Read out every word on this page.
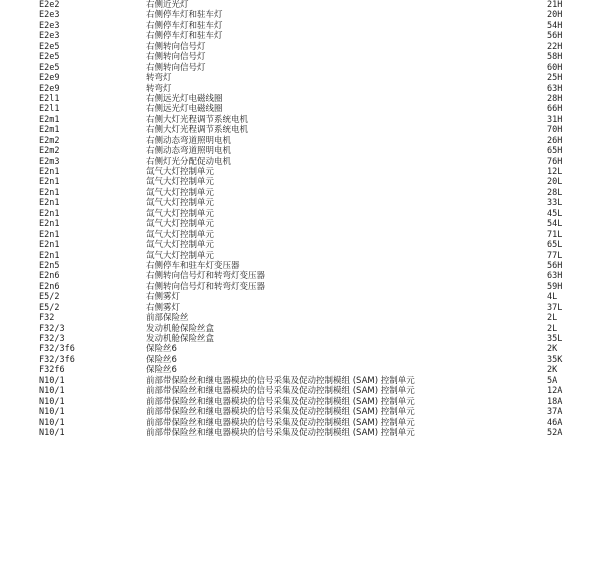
E2e2	右侧近光灯	21H
E2e3	右侧停车灯和驻车灯	20H
E2e3	右侧停车灯和驻车灯	54H
E2e3	右侧停车灯和驻车灯	56H
E2e5	右侧转向信号灯	22H
E2e5	右侧转向信号灯	58H
E2e5	右侧转向信号灯	60H
E2e9	转弯灯	25H
E2e9	转弯灯	63H
E2l1	右侧远光灯电磁线圈	28H
E2l1	右侧远光灯电磁线圈	66H
E2m1	右侧大灯光程调节系统电机	31H
E2m1	右侧大灯光程调节系统电机	70H
E2m2	右侧动态弯道照明电机	26H
E2m2	右侧动态弯道照明电机	65H
E2m3	右侧灯光分配促动电机	76H
E2n1	氙气大灯控制单元	12L
E2n1	氙气大灯控制单元	20L
E2n1	氙气大灯控制单元	28L
E2n1	氙气大灯控制单元	33L
E2n1	氙气大灯控制单元	45L
E2n1	氙气大灯控制单元	54L
E2n1	氙气大灯控制单元	71L
E2n1	氙气大灯控制单元	65L
E2n1	氙气大灯控制单元	77L
E2n5	右侧停车和驻车灯变压器	56H
E2n6	右侧转向信号灯和转弯灯变压器	63H
E2n6	右侧转向信号灯和转弯灯变压器	59H
E5/2	右侧雾灯	4L
E5/2	右侧雾灯	37L
F32	前部保险丝	2L
F32/3	发动机舱保险丝盒	2L
F32/3	发动机舱保险丝盒	35L
F32/3f6	保险丝6	2K
F32/3f6	保险丝6	35K
F32f6	保险丝6	2K
N10/1	前部带保险丝和继电器模块的信号采集及促动控制模组 (SAM) 控制单元	5A
N10/1	前部带保险丝和继电器模块的信号采集及促动控制模组 (SAM) 控制单元	12A
N10/1	前部带保险丝和继电器模块的信号采集及促动控制模组 (SAM) 控制单元	18A
N10/1	前部带保险丝和继电器模块的信号采集及促动控制模组 (SAM) 控制单元	37A
N10/1	前部带保险丝和继电器模块的信号采集及促动控制模组 (SAM) 控制单元	46A
N10/1	前部带保险丝和继电器模块的信号采集及促动控制模组 (SAM) 控制单元	52A
